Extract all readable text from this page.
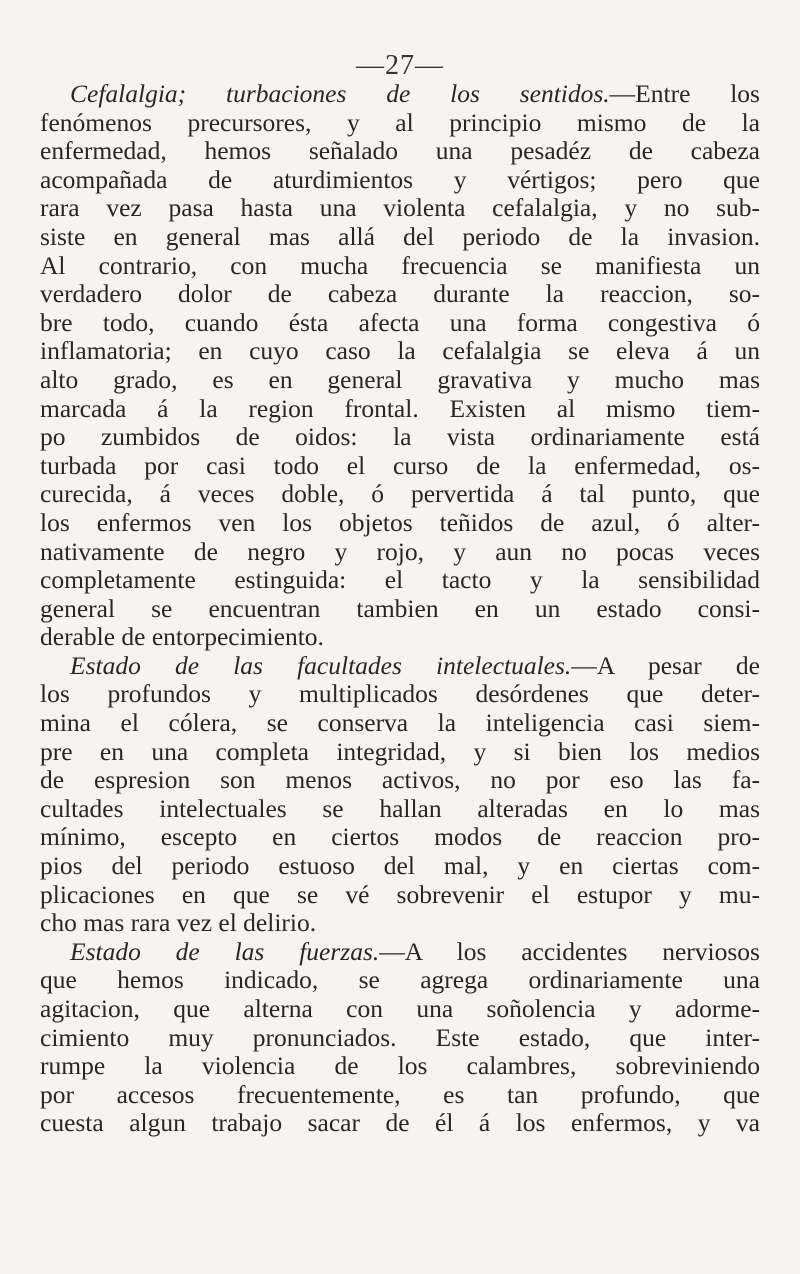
—27—
Cefalalgia; turbaciones de los sentidos.—Entre los
fenómenos precursores, y al principio mismo de la
enfermedad, hemos señalado una pesadéz de cabeza
acompañada de aturdimientos y vértigos; pero que
rara vez pasa hasta una violenta cefalalgia, y no sub-
siste en general mas allá del periodo de la invasion.
Al contrario, con mucha frecuencia se manifiesta un
verdadero dolor de cabeza durante la reaccion, so-
bre todo, cuando ésta afecta una forma congestiva ó
inflamatoria; en cuyo caso la cefalalgia se eleva á un
alto grado, es en general gravativa y mucho mas
marcada á la region frontal. Existen al mismo tiem-
po zumbidos de oidos: la vista ordinariamente está
turbada por casi todo el curso de la enfermedad, os-
curecida, á veces doble, ó pervertida á tal punto, que
los enfermos ven los objetos teñidos de azul, ó alter-
nativamente de negro y rojo, y aun no pocas veces
completamente estinguida: el tacto y la sensibilidad
general se encuentran tambien en un estado consi-
derable de entorpecimiento.
Estado de las facultades intelectuales.—A pesar de
los profundos y multiplicados desórdenes que deter-
mina el cólera, se conserva la inteligencia casi siem-
pre en una completa integridad, y si bien los medios
de espresion son menos activos, no por eso las fa-
cultades intelectuales se hallan alteradas en lo mas
mínimo, escepto en ciertos modos de reaccion pro-
pios del periodo estuoso del mal, y en ciertas com-
plicaciones en que se vé sobrevenir el estupor y mu-
cho mas rara vez el delirio.
Estado de las fuerzas.—A los accidentes nerviosos
que hemos indicado, se agrega ordinariamente una
agitacion, que alterna con una soñolencia y adorme-
cimiento muy pronunciados. Este estado, que inter-
rumpe la violencia de los calambres, sobreviniendo
por accesos frecuentemente, es tan profundo, que
cuesta algun trabajo sacar de él á los enfermos, y va
